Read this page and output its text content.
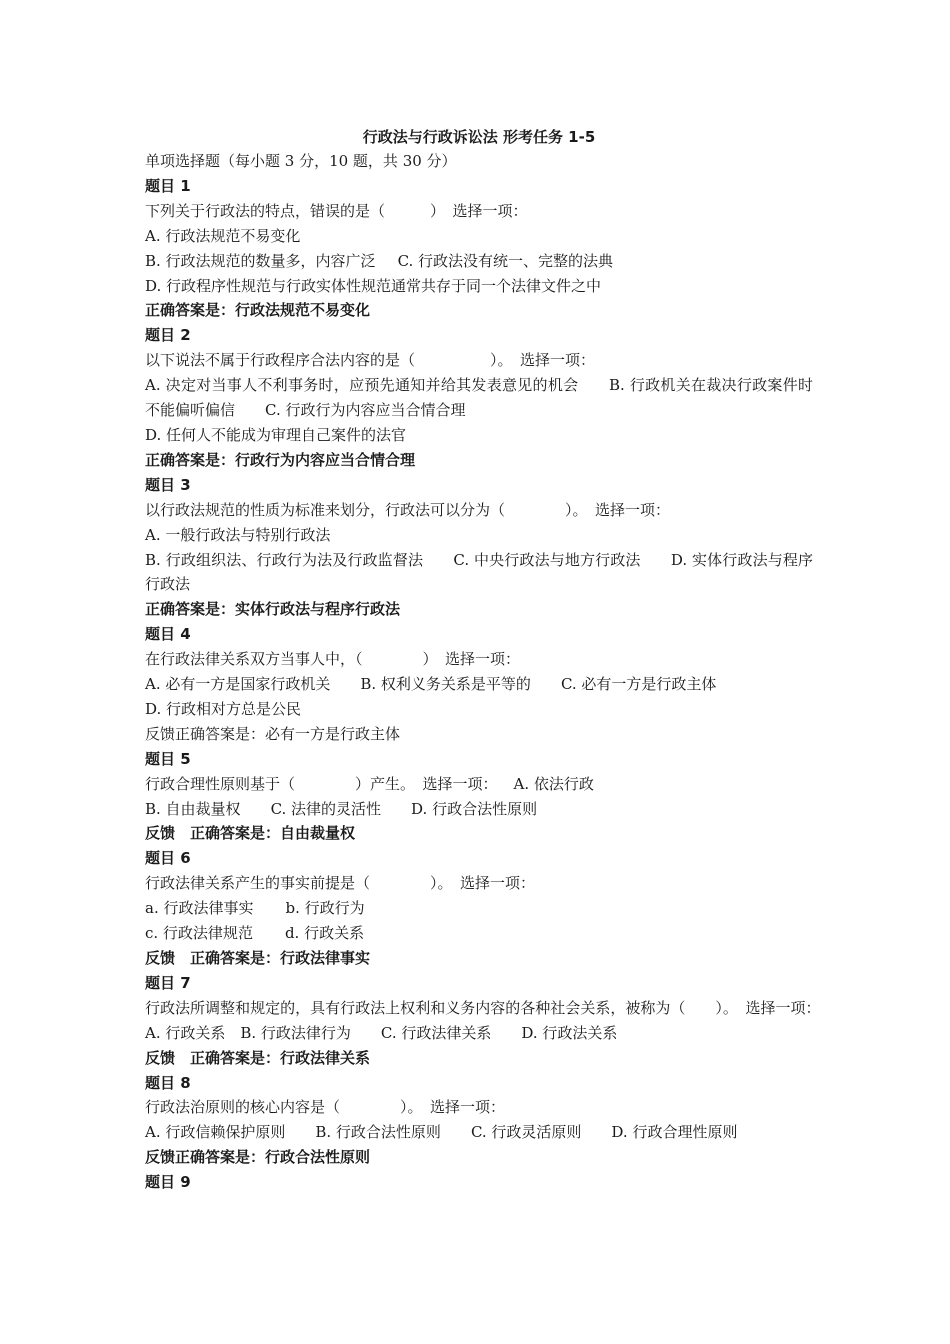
行政法与行政诉讼法 形考任务 1-5
单项选择题（每小题 3 分，10 题，共 30 分）
题目 1
下列关于行政法的特点，错误的是（　　　）　选择一项：
A. 行政法规范不易变化
B. 行政法规范的数量多，内容广泛 C. 行政法没有统一、完整的法典
D. 行政程序性规范与行政实体性规范通常共存于同一个法律文件之中
正确答案是：行政法规范不易变化
题目 2
以下说法不属于行政程序合法内容的是（　　　　　）。　选择一项：
A. 决定对当事人不利事务时，应预先通知并给其发表意见的机会　　B. 行政机关在裁决行政案件时不能偏听偏信　　C. 行政行为内容应当合情合理
D. 任何人不能成为审理自己案件的法官
正确答案是：行政行为内容应当合情合理
题目 3
以行政法规范的性质为标准来划分，行政法可以分为（　　　　）。　选择一项：
A. 一般行政法与特别行政法
B. 行政组织法、行政行为法及行政监督法　　C. 中央行政法与地方行政法　　D. 实体行政法与程序行政法
正确答案是：实体行政法与程序行政法
题目 4
在行政法律关系双方当事人中，（　　　　）　选择一项：
A. 必有一方是国家行政机关 B. 权利义务关系是平等的 C. 必有一方是行政主体
D. 行政相对方总是公民
反馈正确答案是：必有一方是行政主体
题目 5
行政合理性原则基于（　　　　）产生。　选择一项： A. 依法行政
B. 自由裁量权 C. 法律的灵活性 D. 行政合法性原则
反馈　正确答案是：自由裁量权
题目 6
行政法律关系产生的事实前提是（　　　　）。　选择一项：
a. 行政法律事实 b. 行政行为
c. 行政法律规范 d. 行政关系
反馈　正确答案是：行政法律事实
题目 7
行政法所调整和规定的，具有行政法上权利和义务内容的各种社会关系，被称为（　　）。　选择一项：　A. 行政关系　B. 行政法律行为　　C. 行政法律关系　　D. 行政法关系
反馈　正确答案是：行政法律关系
题目 8
行政法治原则的核心内容是（　　　　）。　选择一项：
A. 行政信赖保护原则 B. 行政合法性原则 C. 行政灵活原则 D. 行政合理性原则
反馈正确答案是：行政合法性原则
题目 9
